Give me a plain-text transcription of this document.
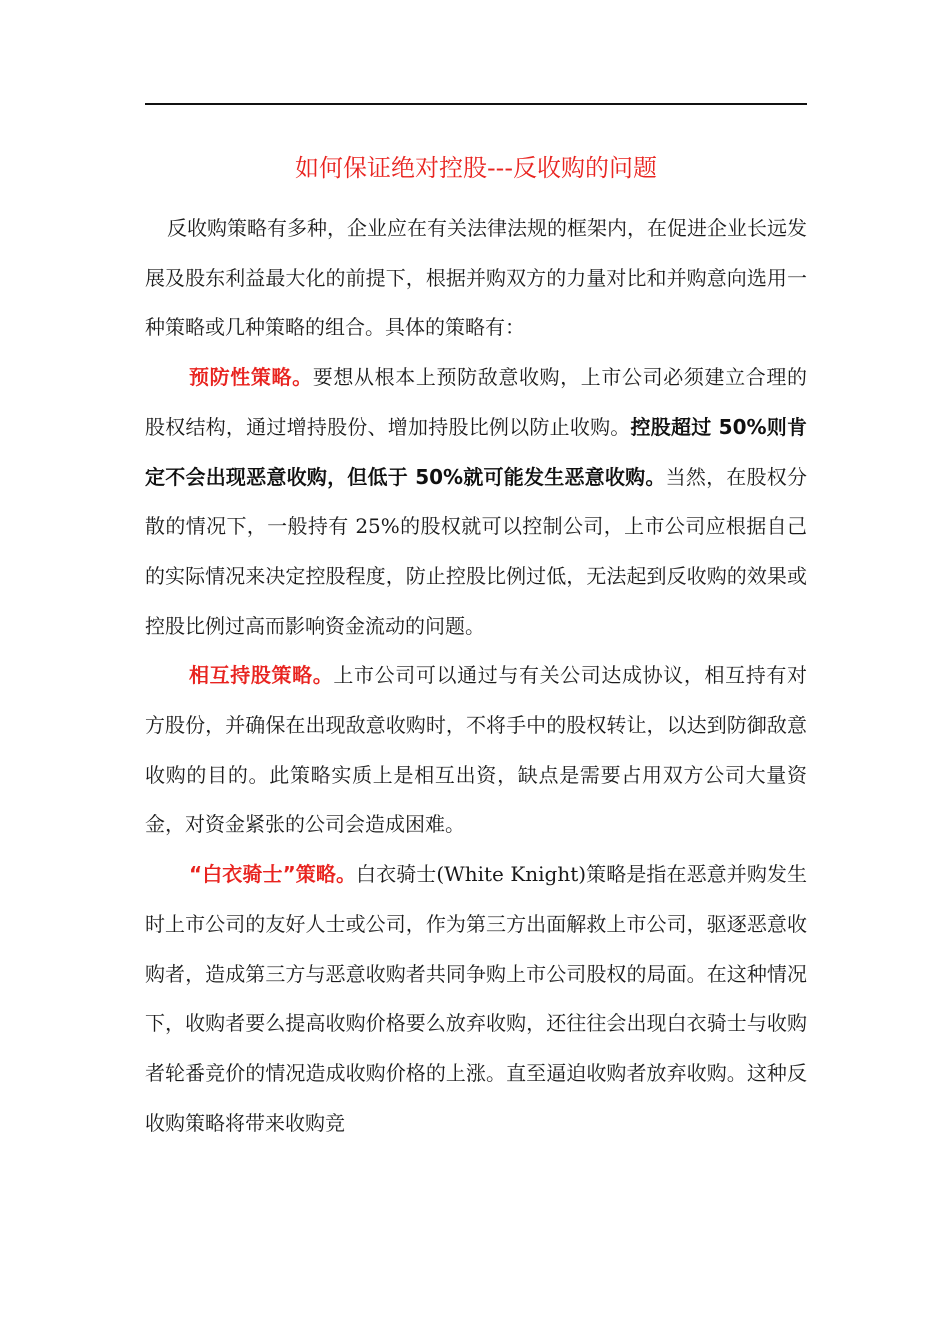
如何保证绝对控股---反收购的问题

反收购策略有多种，企业应在有关法律法规的框架内，在促进企业长远发展及股东利益最大化的前提下，根据并购双方的力量对比和并购意向选用一种策略或几种策略的组合。具体的策略有：

预防性策略。要想从根本上预防敌意收购，上市公司必须建立合理的股权结构，通过增持股份、增加持股比例以防止收购。控股超过 50%则肯定不会出现恶意收购，但低于 50%就可能发生恶意收购。当然，在股权分散的情况下，一般持有 25%的股权就可以控制公司，上市公司应根据自己的实际情况来决定控股程度，防止控股比例过低，无法起到反收购的效果或控股比例过高而影响资金流动的问题。

相互持股策略。上市公司可以通过与有关公司达成协议，相互持有对方股份，并确保在出现敌意收购时，不将手中的股权转让，以达到防御敌意收购的目的。此策略实质上是相互出资，缺点是需要占用双方公司大量资金，对资金紧张的公司会造成困难。

“白衣骑士”策略。白衣骑士(White Knight)策略是指在恶意并购发生时上市公司的友好人士或公司，作为第三方出面解救上市公司，驱逐恶意收购者，造成第三方与恶意收购者共同争购上市公司股权的局面。在这种情况下，收购者要么提高收购价格要么放弃收购，还往往会出现白衣骑士与收购者轮番竞价的情况造成收购价格的上涨。直至逼迫收购者放弃收购。这种反收购策略将带来收购竞
